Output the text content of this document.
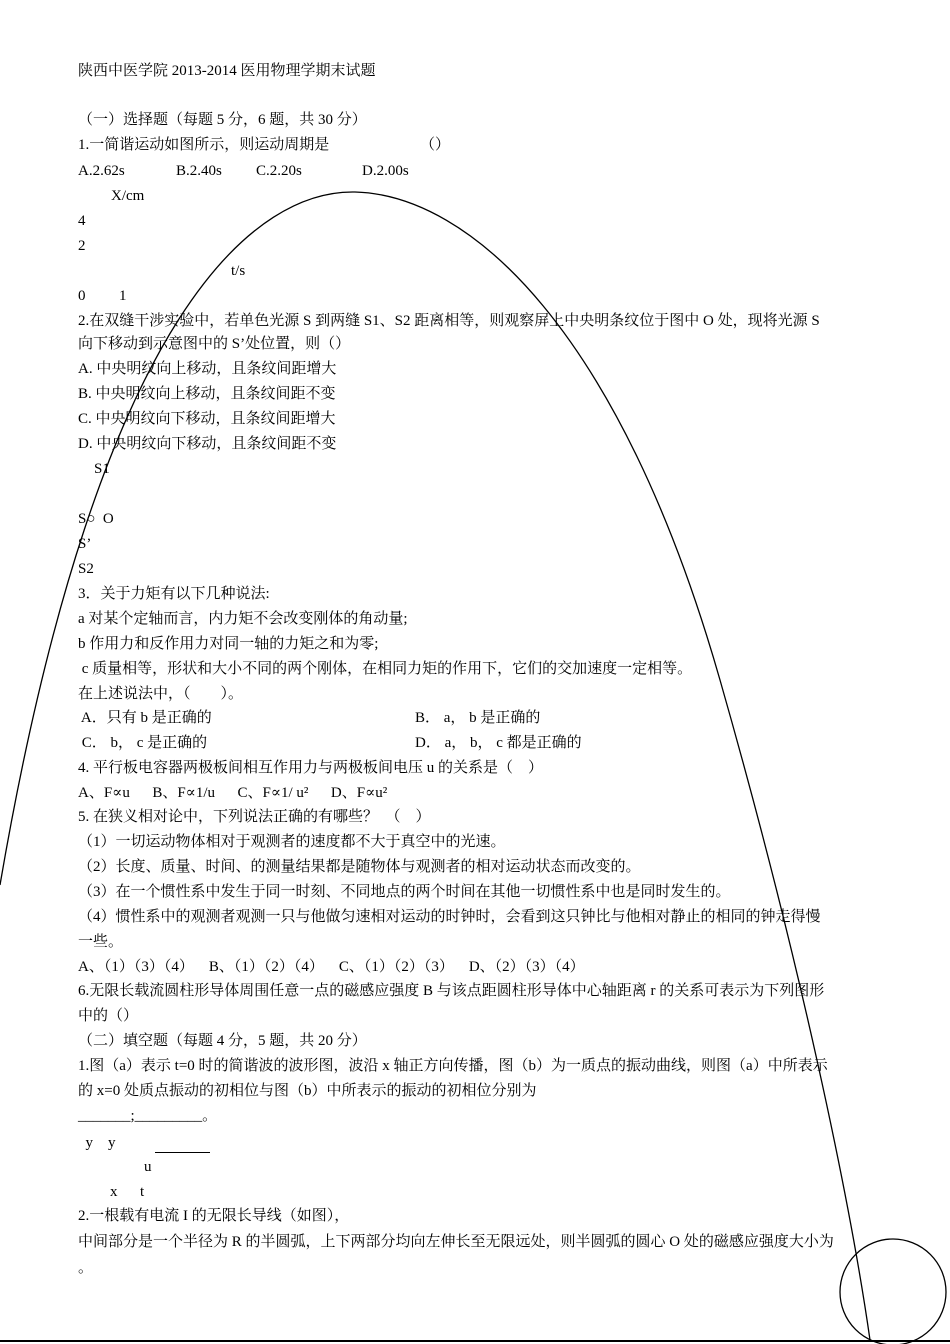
陕西中医学院 2013-2014 医用物理学期末试题
（一）选择题（每题 5 分，6 题，共 30 分）
1.一简谐运动如图所示，则运动周期是	（）
A.2.62s	B.2.40s C.2.20s	D.2.00s
X/cm
4
2
t/s
0 1
2.在双缝干涉实验中，若单色光源 S 到两缝 S1、S2 距离相等，则观察屏上中央明条纹位于图中 O 处，现将光源 S
向下移动到示意图中的 S’处位置，则（）
A. 中央明纹向上移动，且条纹间距增大
B. 中央明纹向上移动，且条纹间距不变
C. 中央明纹向下移动，且条纹间距增大
D. 中央明纹向下移动，且条纹间距不变
S1
S○  O
S’
S2
3．关于力矩有以下几种说法:
a 对某个定轴而言，内力矩不会改变刚体的角动量;
b 作用力和反作用力对同一轴的力矩之和为零;
c 质量相等，形状和大小不同的两个刚体，在相同力矩的作用下，它们的交加速度一定相等。
在上述说法中，（        ）。
A．只有 b 是正确的	B． a， b 是正确的
C． b， c 是正确的	D． a， b， c 都是正确的
4. 平行板电容器两极板间相互作用力与两极板间电压 u 的关系是（    ）
A、F∝u      B、F∝1/u      C、F∝1/ u²      D、F∝u²
5. 在狭义相对论中，下列说法正确的有哪些？  （    ）
（1）一切运动物体相对于观测者的速度都不大于真空中的光速。
（2）长度、质量、时间、的测量结果都是随物体与观测者的相对运动状态而改变的。
（3）在一个惯性系中发生于同一时刻、不同地点的两个时间在其他一切惯性系中也是同时发生的。
（4）惯性系中的观测者观测一只与他做匀速相对运动的时钟时，会看到这只钟比与他相对静止的相同的钟走得慢
一些。
A、（1）（3）（4）    B、（1）（2）（4）    C、（1）（2）（3）    D、（2）（3）（4）
6.无限长载流圆柱形导体周围任意一点的磁感应强度 B 与该点距圆柱形导体中心轴距离 r 的关系可表示为下列图形
中的（）
（二）填空题（每题 4 分，5 题，共 20 分）
1.图（a）表示 t=0 时的简谐波的波形图，波沿 x 轴正方向传播，图（b）为一质点的振动曲线，则图（a）中所表示
的 x=0 处质点振动的初相位与图（b）中所表示的振动的初相位分别为
_______;_________。
y    y
u
x      t
2.一根载有电流 I 的无限长导线（如图），
中间部分是一个半径为 R 的半圆弧，上下两部分均向左伸长至无限远处，则半圆弧的圆心 O 处的磁感应强度大小为
。
